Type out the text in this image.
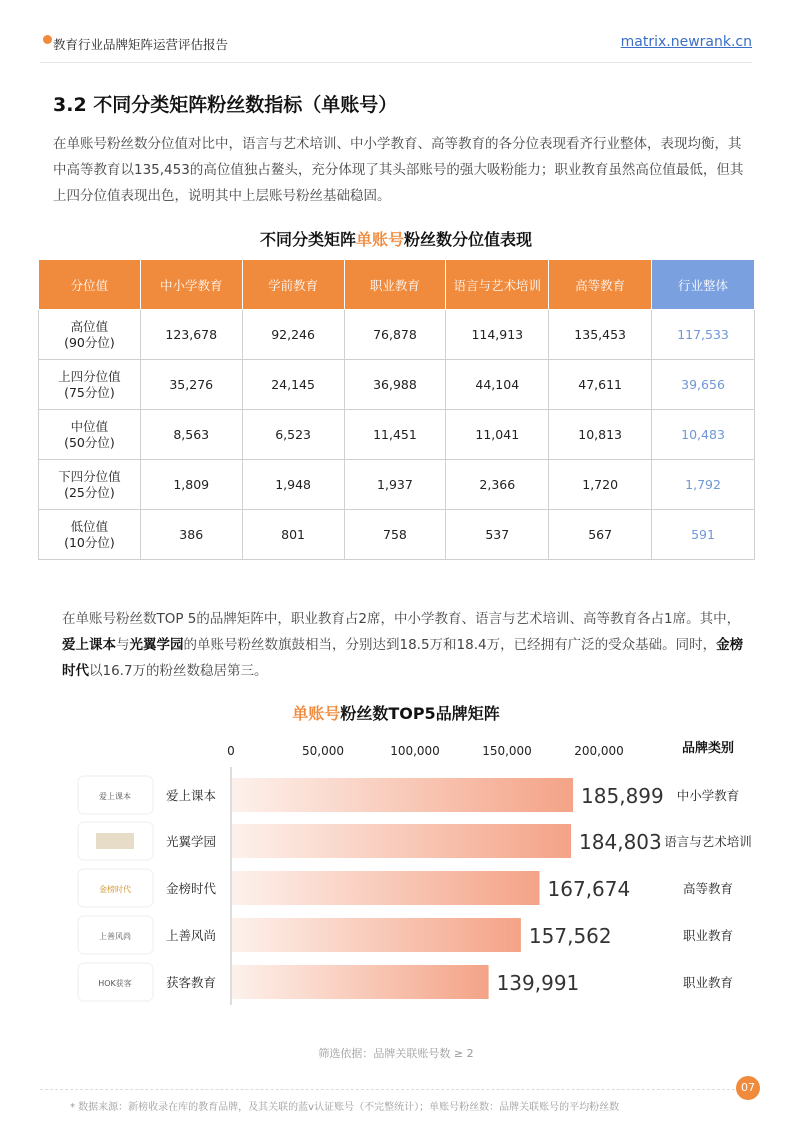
教育行业品牌矩阵运营评估报告	matrix.newrank.cn
3.2 不同分类矩阵粉丝数指标（单账号）
在单账号粉丝数分位值对比中，语言与艺术培训、中小学教育、高等教育的各分位表现看齐行业整体，表现均衡，其中高等教育以135,453的高位值独占鳌头，充分体现了其头部账号的强大吸粉能力；职业教育虽然高位值最低，但其上四分位值表现出色，说明其中上层账号粉丝基础稳固。
不同分类矩阵单账号粉丝数分位值表现
分位值	中小学教育	学前教育	职业教育	语言与艺术培训	高等教育	行业整体

高位值
(90分位)	123,678	92,246	76,878	114,913	135,453	117,533

上四分位值
(75分位)	35,276	24,145	36,988	44,104	47,611	39,656

中位值
(50分位)	8,563	6,523	11,451	11,041	10,813	10,483

下四分位值
(25分位)	1,809	1,948	1,937	2,366	1,720	1,792

低位值
(10分位)	386	801	758	537	567	591
在单账号粉丝数TOP 5的品牌矩阵中，职业教育占2席，中小学教育、语言与艺术培训、高等教育各占1席。其中，爱上课本与光翼学园的单账号粉丝数旗鼓相当，分别达到18.5万和18.4万，已经拥有广泛的受众基础。同时，金榜时代以16.7万的粉丝数稳居第三。
单账号粉丝数TOP5品牌矩阵
0	50,000	100,000	150,000	200,000	品牌类别
爱上课本	爱上课本	185,899 中小学教育
光翼学园	184,803 语言与艺术培训
金榜时代	金榜时代	167,674	高等教育
上善风尚	上善风尚	157,562	职业教育
HOK获客	获客教育	139,991	职业教育
筛选依据：品牌关联账号数 ≥ 2
* 数据来源：新榜收录在库的教育品牌，及其关联的蓝v认证账号（不完整统计）；单账号粉丝数：品牌关联账号的平均粉丝数
07
